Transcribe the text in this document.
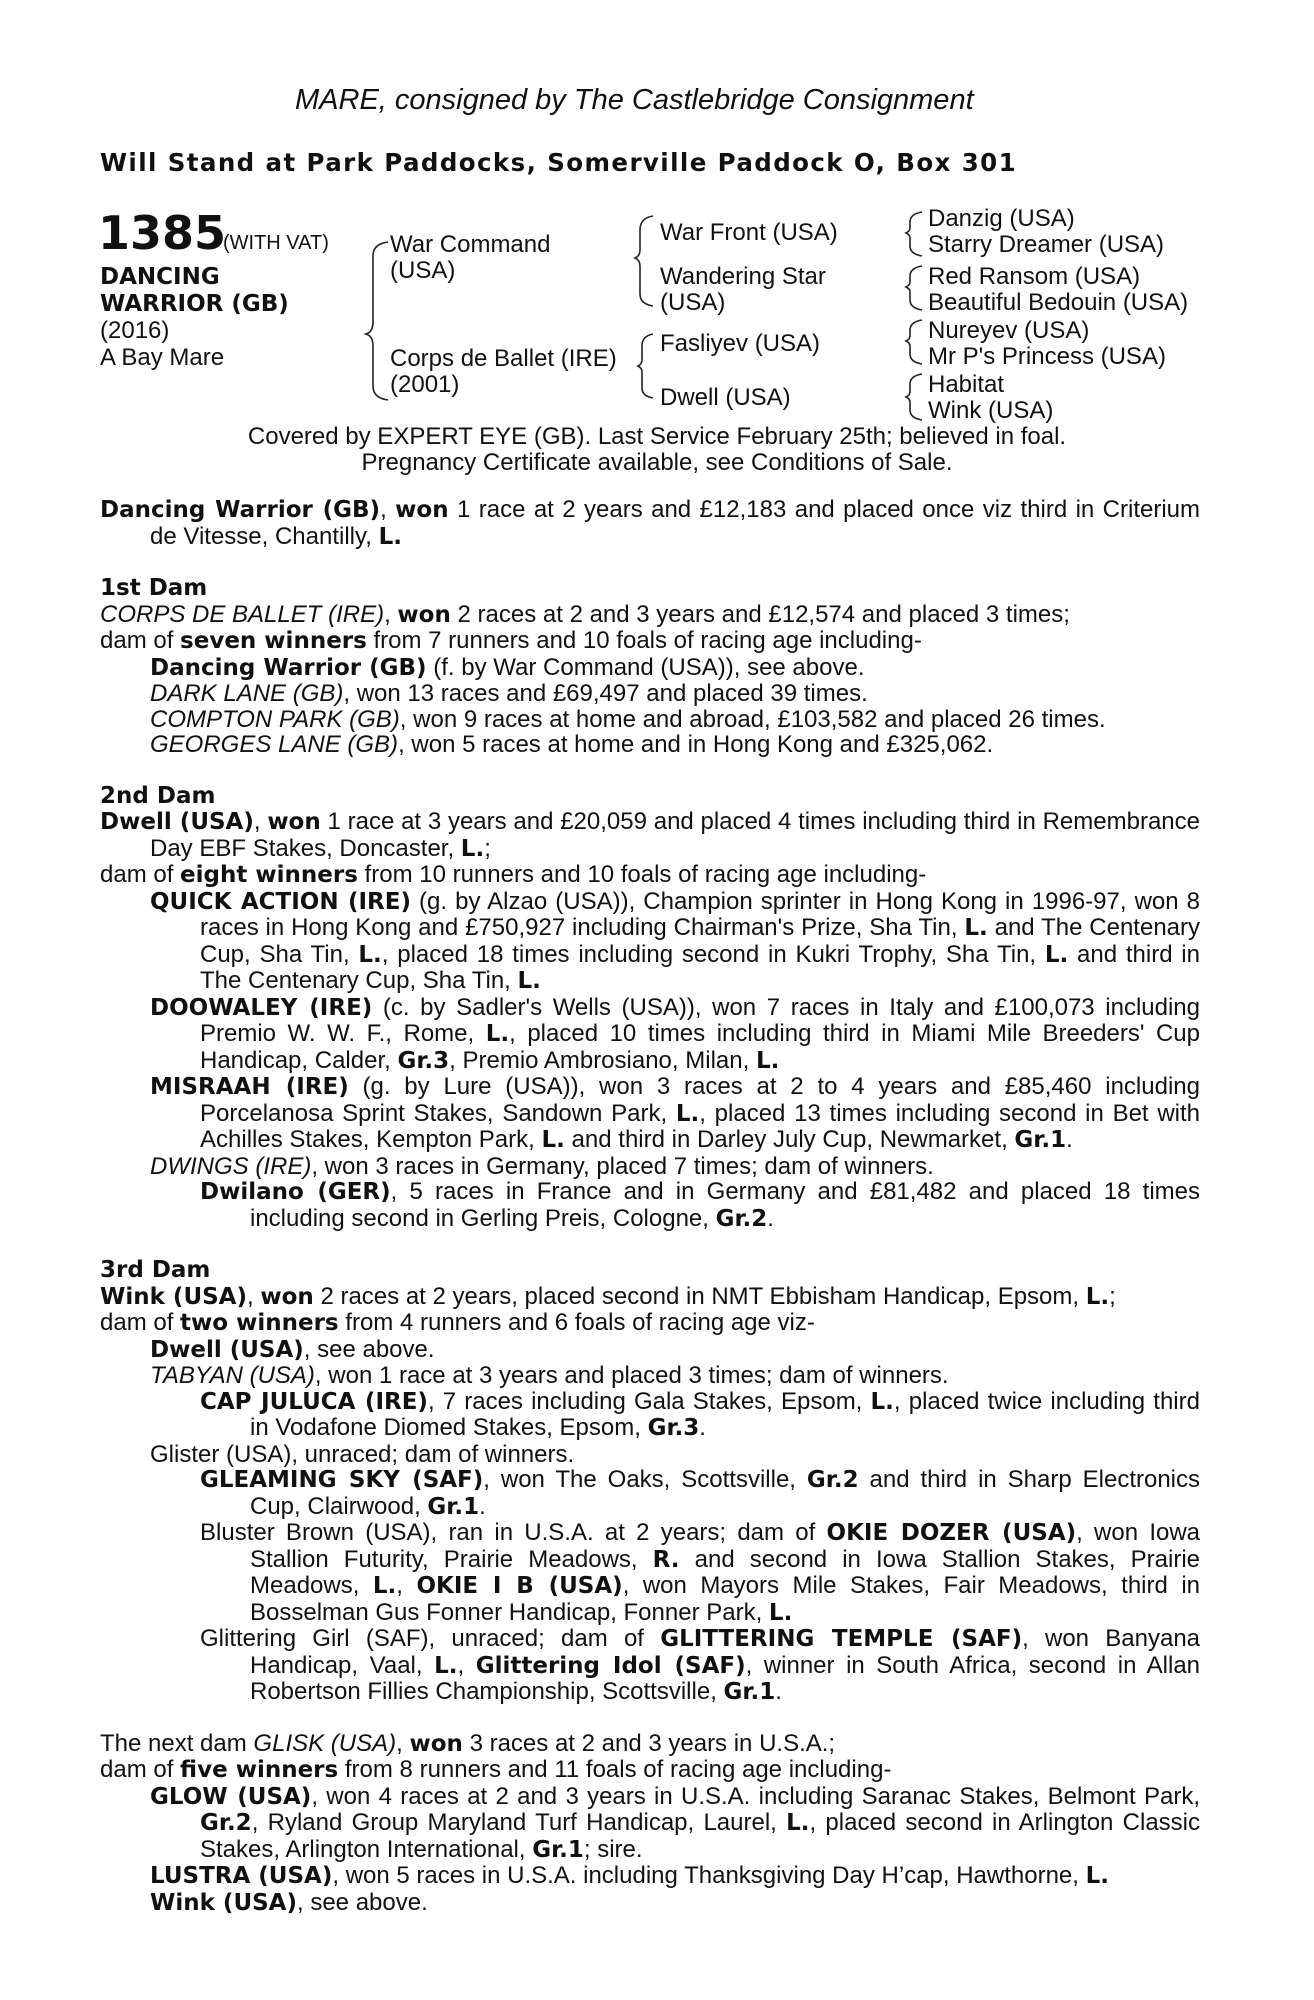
MARE, consigned by The Castlebridge Consignment
Will Stand at Park Paddocks, Somerville Paddock O, Box 301
1385
(WITH VAT)
DANCING
WARRIOR (GB)
(2016)
A Bay Mare
War Command
(USA)
Corps de Ballet (IRE)
(2001)
War Front (USA)
Wandering Star
(USA)
Fasliyev (USA)
Dwell (USA)
Danzig (USA)
Starry Dreamer (USA)
Red Ransom (USA)
Beautiful Bedouin (USA)
Nureyev (USA)
Mr P's Princess (USA)
Habitat
Wink (USA)
Covered by EXPERT EYE (GB). Last Service February 25th; believed in foal.
Pregnancy Certificate available, see Conditions of Sale.

Dancing Warrior (GB), won 1 race at 2 years and £12,183 and placed once viz third in Criterium de Vitesse, Chantilly, L.

1st Dam

CORPS DE BALLET (IRE), won 2 races at 2 and 3 years and £12,574 and placed 3 times;

dam of seven winners from 7 runners and 10 foals of racing age including-

Dancing Warrior (GB) (f. by War Command (USA)), see above.

DARK LANE (GB), won 13 races and £69,497 and placed 39 times.

COMPTON PARK (GB), won 9 races at home and abroad, £103,582 and placed 26 times.

GEORGES LANE (GB), won 5 races at home and in Hong Kong and £325,062.

2nd Dam

Dwell (USA), won 1 race at 3 years and £20,059 and placed 4 times including third in Remembrance Day EBF Stakes, Doncaster, L.;

dam of eight winners from 10 runners and 10 foals of racing age including-

QUICK ACTION (IRE) (g. by Alzao (USA)), Champion sprinter in Hong Kong in 1996-97, won 8 races in Hong Kong and £750,927 including Chairman's Prize, Sha Tin, L. and The Centenary Cup, Sha Tin, L., placed 18 times including second in Kukri Trophy, Sha Tin, L. and third in The Centenary Cup, Sha Tin, L.

DOOWALEY (IRE) (c. by Sadler's Wells (USA)), won 7 races in Italy and £100,073 including Premio W. W. F., Rome, L., placed 10 times including third in Miami Mile Breeders' Cup Handicap, Calder, Gr.3, Premio Ambrosiano, Milan, L.

MISRAAH (IRE) (g. by Lure (USA)), won 3 races at 2 to 4 years and £85,460 including Porcelanosa Sprint Stakes, Sandown Park, L., placed 13 times including second in Bet with Achilles Stakes, Kempton Park, L. and third in Darley July Cup, Newmarket, Gr.1.

DWINGS (IRE), won 3 races in Germany, placed 7 times; dam of winners.

Dwilano (GER), 5 races in France and in Germany and £81,482 and placed 18 times including second in Gerling Preis, Cologne, Gr.2.

3rd Dam

Wink (USA), won 2 races at 2 years, placed second in NMT Ebbisham Handicap, Epsom, L.;

dam of two winners from 4 runners and 6 foals of racing age viz-

Dwell (USA), see above.

TABYAN (USA), won 1 race at 3 years and placed 3 times; dam of winners.

CAP JULUCA (IRE), 7 races including Gala Stakes, Epsom, L., placed twice including third in Vodafone Diomed Stakes, Epsom, Gr.3.

Glister (USA), unraced; dam of winners.

GLEAMING SKY (SAF), won The Oaks, Scottsville, Gr.2 and third in Sharp Electronics Cup, Clairwood, Gr.1.

Bluster Brown (USA), ran in U.S.A. at 2 years; dam of OKIE DOZER (USA), won Iowa Stallion Futurity, Prairie Meadows, R. and second in Iowa Stallion Stakes, Prairie Meadows, L., OKIE I B (USA), won Mayors Mile Stakes, Fair Meadows, third in Bosselman Gus Fonner Handicap, Fonner Park, L.

Glittering Girl (SAF), unraced; dam of GLITTERING TEMPLE (SAF), won Banyana Handicap, Vaal, L., Glittering Idol (SAF), winner in South Africa, second in Allan Robertson Fillies Championship, Scottsville, Gr.1.

The next dam GLISK (USA), won 3 races at 2 and 3 years in U.S.A.;

dam of five winners from 8 runners and 11 foals of racing age including-

GLOW (USA), won 4 races at 2 and 3 years in U.S.A. including Saranac Stakes, Belmont Park, Gr.2, Ryland Group Maryland Turf Handicap, Laurel, L., placed second in Arlington Classic Stakes, Arlington International, Gr.1; sire.

LUSTRA (USA), won 5 races in U.S.A. including Thanksgiving Day H’cap, Hawthorne, L.

Wink (USA), see above.
